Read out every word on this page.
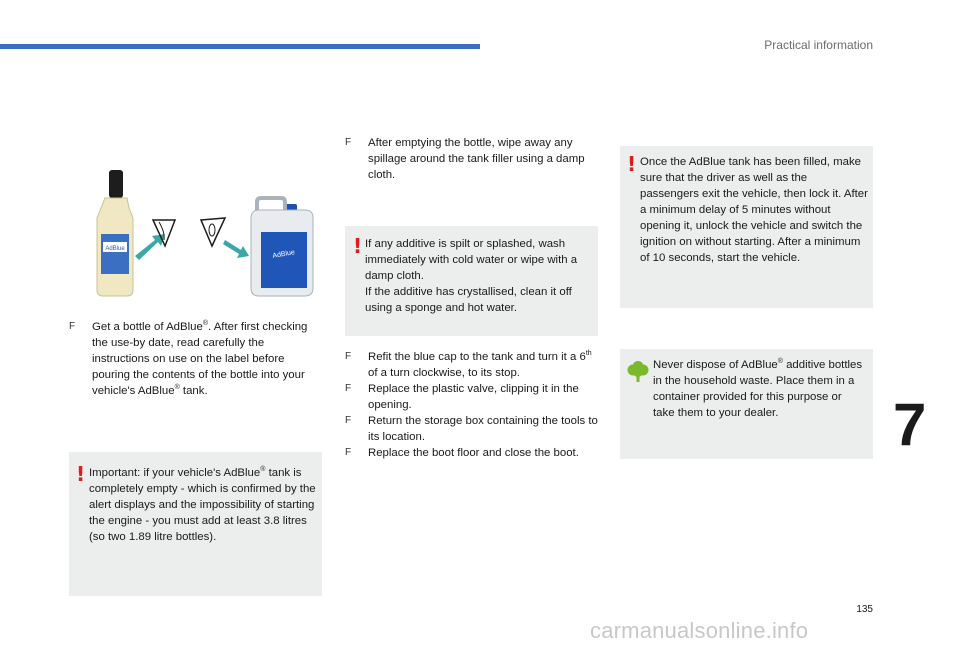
Practical information
AdBlue
AdBlue
F Get a bottle of AdBlue®. After first checking the use-by date, read carefully the instructions on use on the label before pouring the contents of the bottle into your vehicle's AdBlue® tank.
! Important: if your vehicle's AdBlue® tank is completely empty - which is confirmed by the alert displays and the impossibility of starting the engine - you must add at least 3.8 litres (so two 1.89 litre bottles).
F After emptying the bottle, wipe away any spillage around the tank filler using a damp cloth.
! If any additive is spilt or splashed, wash immediately with cold water or wipe with a damp cloth.
If the additive has crystallised, clean it off using a sponge and hot water.
F Refit the blue cap to the tank and turn it a 6th of a turn clockwise, to its stop.
F Replace the plastic valve, clipping it in the opening.
F Return the storage box containing the tools to its location.
F Replace the boot floor and close the boot.
! Once the AdBlue tank has been filled, make sure that the driver as well as the passengers exit the vehicle, then lock it. After a minimum delay of 5 minutes without opening it, unlock the vehicle and switch the ignition on without starting. After a minimum of 10 seconds, start the vehicle.
Never dispose of AdBlue® additive bottles in the household waste. Place them in a container provided for this purpose or take them to your dealer.	7
135
carmanualsonline.info
